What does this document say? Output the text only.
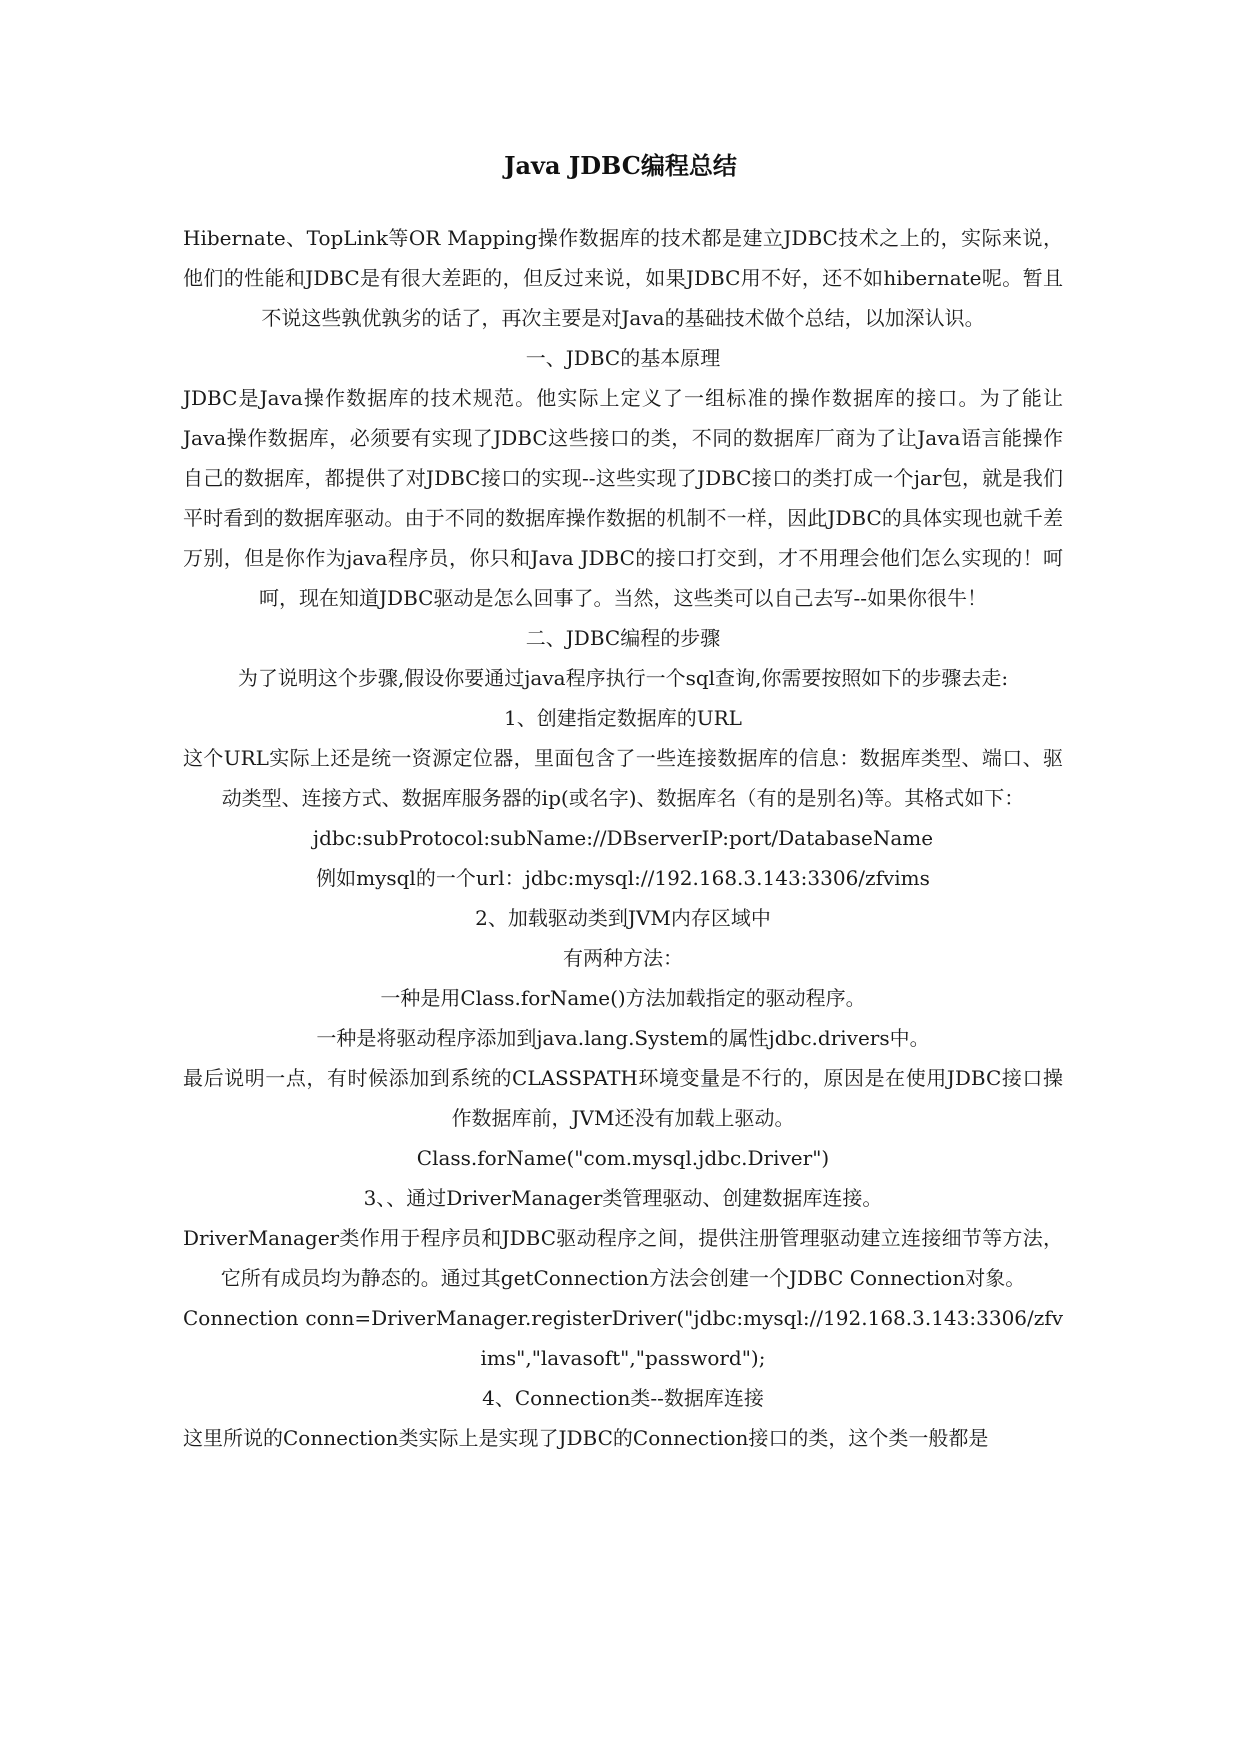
Java JDBC编程总结

Hibernate、TopLink等OR Mapping操作数据库的技术都是建立JDBC技术之上的，实际来说，他们的性能和JDBC是有很大差距的，但反过来说，如果JDBC用不好，还不如hibernate呢。暂且不说这些孰优孰劣的话了，再次主要是对Java的基础技术做个总结，以加深认识。

一、JDBC的基本原理

JDBC是Java操作数据库的技术规范。他实际上定义了一组标准的操作数据库的接口。为了能让Java操作数据库，必须要有实现了JDBC这些接口的类，不同的数据库厂商为了让Java语言能操作自己的数据库，都提供了对JDBC接口的实现--这些实现了JDBC接口的类打成一个jar包，就是我们平时看到的数据库驱动。由于不同的数据库操作数据的机制不一样，因此JDBC的具体实现也就千差万别，但是你作为java程序员，你只和Java JDBC的接口打交到，才不用理会他们怎么实现的！呵呵，现在知道JDBC驱动是怎么回事了。当然，这些类可以自己去写--如果你很牛！

二、JDBC编程的步骤

为了说明这个步骤,假设你要通过java程序执行一个sql查询,你需要按照如下的步骤去走:

1、创建指定数据库的URL

这个URL实际上还是统一资源定位器，里面包含了一些连接数据库的信息：数据库类型、端口、驱动类型、连接方式、数据库服务器的ip(或名字)、数据库名（有的是别名)等。其格式如下：

jdbc:subProtocol:subName://DBserverIP:port/DatabaseName

例如mysql的一个url：jdbc:mysql://192.168.3.143:3306/zfvims

2、加载驱动类到JVM内存区域中

有两种方法：

一种是用Class.forName()方法加载指定的驱动程序。

一种是将驱动程序添加到java.lang.System的属性jdbc.drivers中。

最后说明一点，有时候添加到系统的CLASSPATH环境变量是不行的，原因是在使用JDBC接口操作数据库前，JVM还没有加载上驱动。

Class.forName("com.mysql.jdbc.Driver")

3、、通过DriverManager类管理驱动、创建数据库连接。

DriverManager类作用于程序员和JDBC驱动程序之间，提供注册管理驱动建立连接细节等方法，它所有成员均为静态的。通过其getConnection方法会创建一个JDBC Connection对象。

Connection conn=DriverManager.registerDriver("jdbc:mysql://192.168.3.143:3306/zfvims","lavasoft","password");

4、Connection类--数据库连接

这里所说的Connection类实际上是实现了JDBC的Connection接口的类，这个类一般都是
